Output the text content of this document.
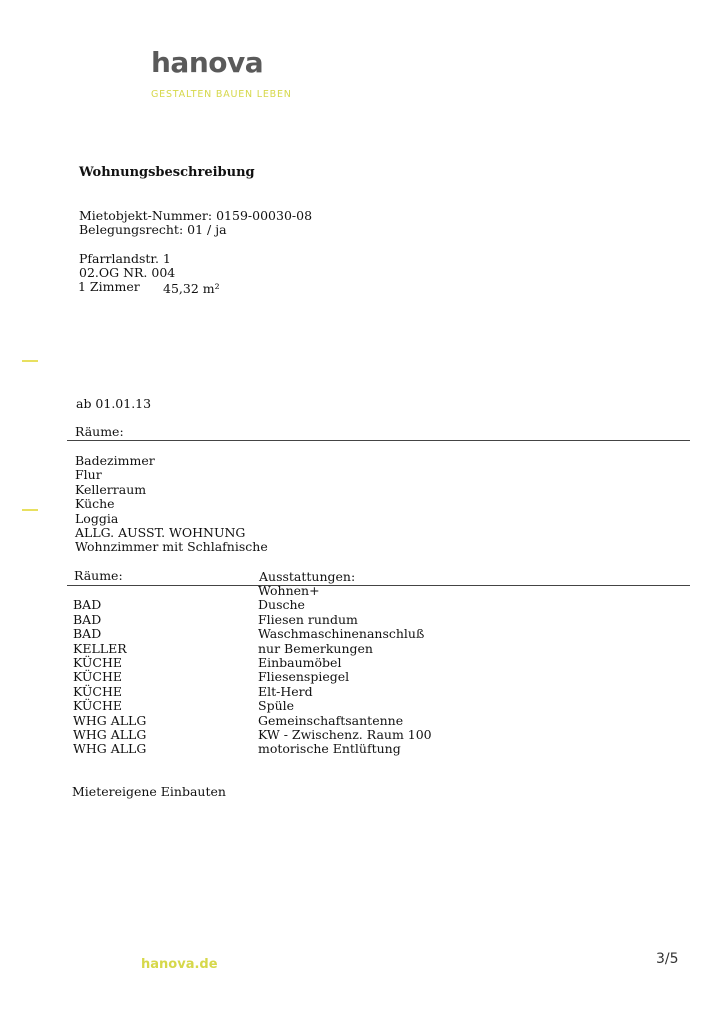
hanova
GESTALTEN BAUEN LEBEN
Wohnungsbeschreibung
Mietobjekt-Nummer: 0159-00030-08
Belegungsrecht: 01 / ja
Pfarrlandstr. 1
02.OG NR. 004
1 Zimmer 45,32 m²
ab 01.01.13
Räume:
Badezimmer
Flur
Kellerraum
Küche
Loggia
ALLG. AUSST. WOHNUNG
Wohnzimmer mit Schlafnische
Räume:	Ausstattungen:

BAD
BAD
BAD
KELLER
KÜCHE
KÜCHE
KÜCHE
KÜCHE
WHG ALLG
WHG ALLG
WHG ALLG
Wohnen+
Dusche
Fliesen rundum
Waschmaschinenanschluß
nur Bemerkungen
Einbaumöbel
Fliesenspiegel
Elt-Herd
Spüle
Gemeinschaftsantenne
KW - Zwischenz. Raum 100
motorische Entlüftung
Mietereigene Einbauten
hanova.de	3/5
